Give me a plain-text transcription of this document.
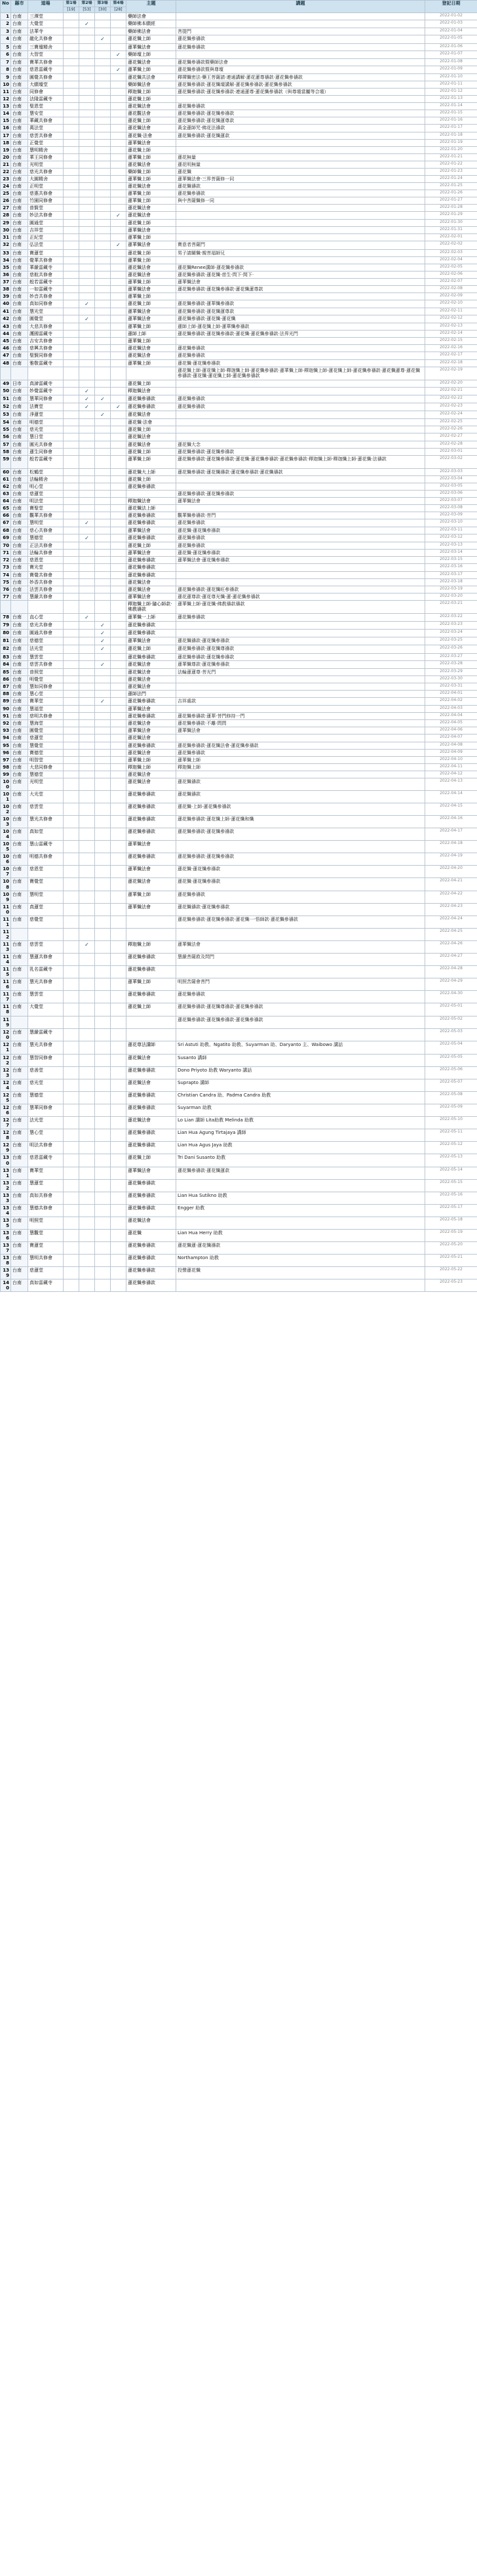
No	縣市	道場	第1場	第2場	第3場	第4場	主題	講題	登記日期
			[19]	[53]	[30]	[28]			
1	台南	三潭堂					藥師法會		2022-01-02
2	台南	大覺堂		✓			藥師佛本願經		2022-01-03
3	台南	法華寺					藥師佛法會	菩提門	2022-01-04
4	台南	龍化共修會			✓		蓮花懺上師	蓮花懺參禱款	2022-01-05
5	台南	三寶壇精舍					蓮華懺法會	蓮花懺參禱款	2022-01-06
6	台南	大智堂				✓	藥師壇上師		2022-01-07
7	台南	寶華共修會					蓮花懺法會	蓮花懺參禱款暨藥師法會	2022-01-08
8	台南	慈恩雷藏寺				✓	蓮華懺上師	蓮花懺參禱款暨與尊壇	2022-01-09
9	台南	圓覺共修會					蓮花懺共法會	釋禪懺密法·藥王菩薩請·連通講解·蓮花蓮尊禱款·蓮花懺參禱款	2022-01-10
10	台南	大願壇堂					藥師懺法會	蓮花懺參禱款·蓮花懺壇講解·蓮花懺參禱款·蓮花懺參禱款	2022-01-11
11	台南	同修會					釋迦懺上師	蓮花懺參禱款·蓮花懺參禱款·連通蓮尊·蓮花懺參禱款（與尊壇當屬等合壇）	2022-01-12
12	台南	法隆雷藏寺					蓮花懺上師		2022-01-13
13	台南	聖恩堂					蓮花懺法會	蓮花懺參禱款	2022-01-14
14	台南	慧安堂					蓮花觀法會	蓮花懺參禱款·蓮花懺參禱款	2022-01-15
15	台南	華藏共修會					蓮花懺上師	蓮花懺參禱款·蓮花懺蓮尊款	2022-01-16
16	台南	萬法堂					蓮花懺法會	黃金蓮師咒·佛花法禱款	2022-01-17
17	台南	慈雲共修會					蓮花懺·法會	蓮花懺參禱款·蓮花懺蓮款	2022-01-18
18	台南	正覺堂					蓮華懺法會		2022-01-19
19	台南	慧明精舍					蓮花懺上師		2022-01-20
20	台南	華王同修會					蓮華懺上師	蓮花無量	2022-01-21
21	台南	光明堂					蓮花懺法會	蓮花明無量	2022-01-22
22	台南	慈光共修會					藥師懺上師	蓮花懺	2022-01-23
23	台南	大圓精舍					蓮華懺上師	蓮華懺法會·三界菩薩修一同	2022-01-24
24	台南	正明堂					蓮花懺法會	蓮花懺禱款	2022-01-25
25	台南	慈惠共修會					蓮華懺上師	蓮花懺參禱款	2022-01-26
26	台南	竹園同修會					蓮華懺上師	與中菩薩懺修一同	2022-01-27
27	台南	普賢堂					蓮花懺法會		2022-01-28
28	台南	妙法共修會				✓	蓮花懺法會		2022-01-29
29	台南	圓通堂					蓮花懺上師		2022-01-30
30	台南	吉祥堂					蓮華懺法會		2022-01-31
31	台南	正紀堂					蓮華懺上師		2022-02-01
32	台南	弘法堂				✓	蓮華懺法會	寶意者菩薩門	2022-02-02
33	台南	寶蓮堂					蓮花懺上師	男子請關懺·親菩福師兄	2022-02-03
34	台南	覺華共修會					蓮華懺上師		2022-02-04
35	台南	華嚴雷藏寺					蓮花懺法會	蓮花懺Renee講師·蓮花懺參禱款	2022-02-05
36	台南	慈航共修會					蓮花懺法會	蓮花懺參禱款·蓮花懺·慈生·問下·間下·	2022-02-06
37	台南	般若雷藏寺					蓮華懺上師	蓮華懺法會	2022-02-07
38	台南	一如雷藏寺					蓮華懺法會	蓮花懺參禱款·蓮花懺參禱款·蓮花懺蓮尊款	2022-02-08
39	台南	妙音共修會					蓮華懺上師		2022-02-09
40	台南	真如同修會		✓			蓮花懺上師	蓮花懺參禱款·蓮華懺參禱款	2022-02-10
41	台南	慧光堂					蓮華懺法會	蓮花懺參禱款·蓮花懺蓮尊款	2022-02-11
42	台南	圓覺堂		✓			蓮華懺法會	蓮花懺參禱款·蓮花懺·蓮花懺	2022-02-12
43	台南	大悲共修會					蓮華懺上師	蓮師上師·蓮花懺上師·蓮華懺參禱款	2022-02-13
44	台南	護國雷藏寺					蓮師上師	蓮花懺參禱款·蓮花懺參禱款·蓮花懺·蓮花懺參禱款·法界光門	2022-02-14
45	台南	吉安共修會					蓮華懺上師		2022-02-15
46	台南	慈興共修會					蓮花懺法會	蓮花懺參禱款	2022-02-16
47	台南	聖賢同修會					蓮花懺法會	蓮花懺參禱款	2022-02-17
48	台南	雅敬雷藏寺					蓮華懺上師	蓮花懺·蓮花懺參禱款	2022-02-18
								蓮花懺上師·蓮花懺上師·釋迦懺上師·蓮花懺參禱款·蓮華懺上師·釋迦懺上師·蓮花懺上師·蓮花懺參禱款·蓮花懺蓮尊·蓮花懺參禱款·蓮花懺·蓮花懺上師·蓮花懺參禱款	2022-02-19
49	日市	真諦雷藏寺					蓮花懺上師		2022-02-20
50	台南	妙覺雷藏寺		✓			釋迦懺法會		2022-02-21
51	台南	慧華同修會		✓	✓		蓮花懺參禱款	蓮花懺參禱款	2022-02-22
52	台南	法寶堂		✓		✓	蓮花懺參禱款	蓮花懺參禱款	2022-02-23
53	台南	淨蓮堂			✓		蓮花懺法會		2022-02-24
54	台南	明德堂					蓮花懺·法會		2022-02-25
55	台南	慈光堂					蓮花懺上師		2022-02-26
56	台南	慧日堂					蓮花懺法會		2022-02-27
57	台南	圓光共修會					蓮花懺法會	蓮花懺大念	2022-02-28
58	台南	蓮生同修會					蓮花懺上師	蓮花懺參禱款·蓮花懺參禱款	2022-03-01
59	台南	般若雷藏寺					蓮華懺上師	蓮花懺參禱款·蓮花懺參禱款·蓮花懺·蓮花懺參禱款·蓮花懺參禱款·釋迦懺上師·釋迦懺上師·蓮花懺·法禱款	2022-03-02
60	台南	松鶴堂					蓮花懺大上師	蓮花懺參禱款·蓮花懺禱款·蓮花懺參禱款·蓮花懺禱款	2022-03-03
61	台南	法輪精舍					蓮花懺上師		2022-03-04
62	台南	明心堂					蓮花懺參禱款		2022-03-05
63	台南	慈蓮堂						蓮花懺參禱款·蓮花懺參禱款	2022-03-06
64	台南	明法堂					釋迦懺法會	蓮華懺法會	2022-03-07
65	台南	寶聖堂					蓮花懺法上師		2022-03-08
66	台南	觀華共修會					蓮花懺參禱款	觀華懺參禱款·菩門	2022-03-09
67	台南	慧明堂		✓			蓮花懺參禱款	蓮花懺參禱款	2022-03-10
68	台南	慈心共修會					蓮華懺法會	蓮花懺·蓮花懺參禱款	2022-03-11
69	台南	慧德堂		✓			蓮花懺參禱款	蓮花懺參禱款	2022-03-12
70	台南	正法共修會					蓮花懺上師	蓮花懺參禱款	2022-03-13
71	台南	法輪共修會					蓮華懺法會	蓮花懺·蓮花懺參禱款	2022-03-14
72	台南	慈恩堂					蓮花懺參禱款	蓮華懺法會·蓮花懺參禱款	2022-03-15
73	台南	寶光堂					蓮花懺參禱款		2022-03-16
74	台南	寶覺共修會					蓮花懺參禱款		2022-03-17
75	台南	妙香共修會					蓮花懺法會		2022-03-18
76	台南	法雲共修會					蓮花懺法會	蓮花懺參禱款·蓮花懺旺參禱款	2022-03-19
77	台南	慧嚴共修會					蓮華懺法會	蓮花蓮尊款·蓮花尊光懺·蓮·蓮花懺參禱款	2022-03-20
							釋迦懺上師·隨心師款·佛教禱款	蓮華懺上師·蓮花懺·佛教禱款禱款	2022-03-21
78	台南	直心堂		✓			蓮華懺一上師	蓮花懺參禱款	2022-03-22
79	台南	慈光共修會			✓		蓮花懺參禱款		2022-03-23
80	台南	圓通共修會			✓		蓮花懺參禱款		2022-03-24
81	台南	慈德堂			✓		蓮華懺法會	蓮花懺禱款·蓮花懺參禱款	2022-03-25
82	台南	法光堂			✓		蓮花懺上師	蓮花懺參禱款·蓮花懺尊禱款	2022-03-26
83	台南	慧雲堂					蓮花懺參禱款	蓮花懺參禱款·蓮花懺參禱款	2022-03-27
84	台南	慈雲共修會			✓		蓮花懺法會	蓮華懺尊款·蓮花懺參禱款	2022-03-28
85	台南	普照堂					蓮花懺法會	法輪蓮蓮尊·菩光門	2022-03-29
86	台南	明覺堂					蓮花懺法會		2022-03-30
87	台南	慧如同修會					蓮花懺法會		2022-03-31
88	台南	慧心堂					蓮師法門		2022-04-01
89	台南	寶華堂			✓		蓮花懺參禱款	吉祥處款	2022-04-02
90	台南	慧福堂					蓮華懺法會		2022-04-03
91	台南	慈明共修會					蓮花懺參禱款	蓮花懺參禱款·蓮華·菩門修持一門	2022-04-04
92	台南	慧海堂					蓮花懺法會	蓮花懺參禱款·不離·問問	2022-04-05
93	台南	圓覺堂					蓮華懺法會	蓮華懺法會	2022-04-06
94	台南	慈蓮堂					蓮花懺法會		2022-04-07
95	台南	慧覺堂					蓮花懺參禱款	蓮花懺參禱款·蓮花懺法會·蓮花懺參禱款	2022-04-08
96	台南	寶德堂					蓮花懺法會	蓮花懺參禱款	2022-04-09
97	台南	明智堂					蓮華懺上師	蓮華懺上師	2022-04-10
98	台南	大悲同修會					釋迦懺上師	釋迦懺上師	2022-04-11
99	台南	慧德堂					蓮花懺法會		2022-04-12
100	台南	光明堂					蓮花懺法會	蓮花懺禱款	2022-04-13
101	台南	大光堂					蓮花懺參禱款	蓮花懺禱款	2022-04-14
102	台南	慈雲堂					蓮花懺參禱款	蓮花懺·上師·蓮花懺參禱款	2022-04-15
103	台南	慧光共修會					蓮花懺參禱款	蓮花懺參禱款·蓮花懺上師·蓮花懺和懺	2022-04-16
104	台南	真如堂					蓮花懺參禱款	蓮花懺參禱款·蓮花懺參禱款	2022-04-17
105	台南	慧山雷藏寺					蓮華懺法會		2022-04-18
106	台南	明德共修會					蓮花懺參禱款	蓮花懺參禱款·蓮花懺參禱款	2022-04-19
107	台南	慈恩堂					蓮華懺法會	蓮花懺·蓮花懺參禱款	2022-04-20
108	台南	寶覺堂					蓮花懺法會	蓮花懺·蓮花懺參禱款	2022-04-21
109	台南	慧明堂					蓮華懺上師	蓮花懺參禱款	2022-04-22
110	台南	真蓮堂					蓮華懺法會	蓮花懺禱款·蓮花懺參禱款	2022-04-23
111	台南	慈覺堂						蓮花懺參禱款·蓮花懺參禱款·蓮花懺·一悟師款·蓮花懺參禱款	2022-04-24
112									2022-04-25
113	台南	慈雲堂		✓			釋迦懺上師	蓮華懺法會	2022-04-26
114	台南	慧蓮共修會					蓮花懺參禱款	慧嚴菩薩救及問門	2022-04-27
115	台南	乳名雷藏寺					蓮花懺參禱款		2022-04-28
116	台南	慧光共修會					蓮華懺上師	明照苦薩會菩門	2022-04-29
117	台南	慧雲堂					蓮花懺參禱款	蓮花懺參禱款	2022-04-30
118	台南	大覺堂					蓮花懺上師	蓮花懺參禱款·蓮花懺尊禱款·蓮花懺參禱款	2022-05-01
119								蓮花懺參禱款·蓮花懺參禱款·蓮花懺參禱款	2022-05-02
120	台南	慧嚴雷藏寺							2022-05-03
121	台南	慧光共修會					蓮花尊法講師	Sri Astuti 助教、Ngatito 助教、Suyarman 助、Daryanto 主、Waibowo 講話	2022-05-04
122	台南	慧智同修會					蓮花懺法會	Susanto 講師	2022-05-05
123	台南	慈善堂					蓮花懺參禱款	Dono Priyoto 助教 Waryanto 講話	2022-05-06
124	台南	慈光堂					蓮花懺法會	Suprapto 講師	2022-05-07
125	台南	慧德堂					蓮花懺參禱款	Christian Candra 助、Padma Candra 助教	2022-05-08
126	台南	慧華同修會					蓮花懺參禱款	Suyarman 助教	2022-05-09
127	台南	法光堂					蓮花懺法會	Lo Lian 講師 Lita助教 Melinda 助教	2022-05-10
128	台南	慧心堂					蓮花懺參禱款	Lian Hua Agung Tirtajaya 講師	2022-05-11
129	台南	明法共修會					蓮花懺參禱款	Lian Hua Agus Jaya 助教	2022-05-12
130	台南	慈恩雷藏寺					蓮花懺上師	Tri Dani Susanto 助教	2022-05-13
131	台南	寶華堂					蓮華懺法會	蓮花懺參禱款·蓮花懺蓮款	2022-05-14
132	台南	慧蓮堂					蓮花懺參禱款		2022-05-15
133	台南	真如共修會					蓮花懺參禱款	Lian Hua Sutikno 助教	2022-05-16
134	台南	慧德共修會					蓮花懺參禱款	Engger 助教	2022-05-17
135	台南	明照堂					蓮花懺法會		2022-05-18
136	台南	慧觀堂					蓮花懺	Lian Hua Herry 助教	2022-05-19
137	台南	寶蓮堂					蓮花懺參禱款	蓮花懺蓮·蓮花懺禱款	2022-05-20
138	台南	慧明共修會					蓮花懺參禱款	Northampton 助教	2022-05-21
139	台南	慈蓮堂					蓮花懺參禱款	投聲蓮花懺	2022-05-22
140	台南	真如雷藏寺					蓮花懺參禱款		2022-05-23
